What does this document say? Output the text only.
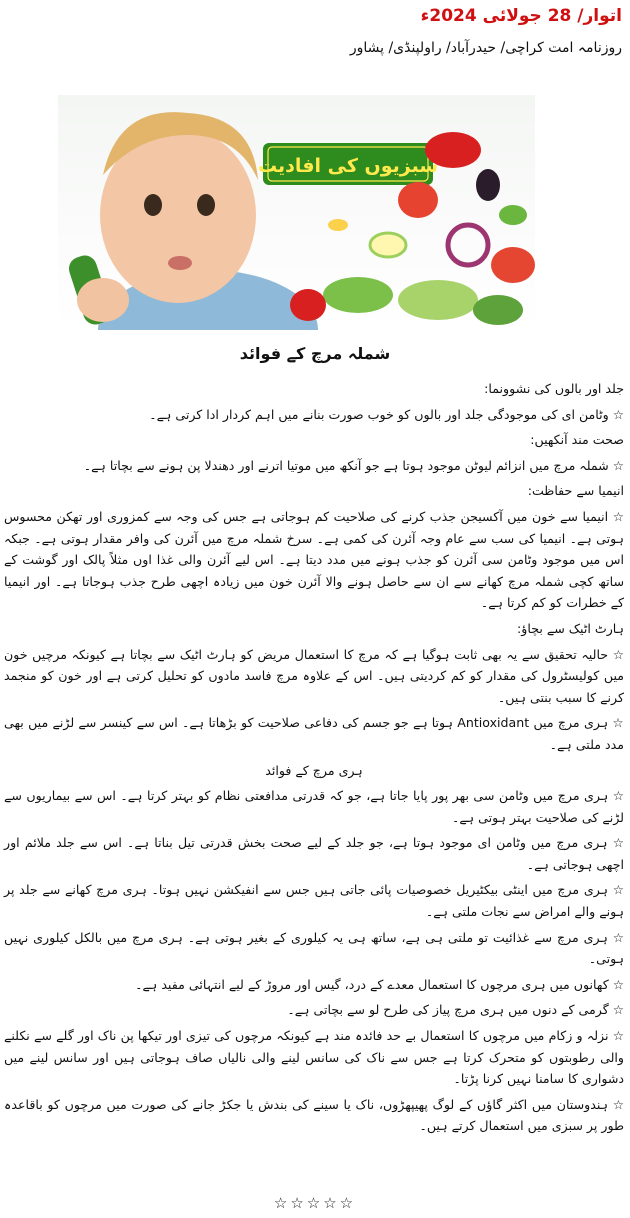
اتوار/ 28 جولائی 2024ء

روزنامہ امت کراچی/ حیدرآباد/ راولپنڈی/ پشاور

سبزیوں کی افادیت
شملہ مرچ کے فوائد

جلد اور بالوں کی نشوونما:

☆ وٹامن ای کی موجودگی جلد اور بالوں کو خوب صورت بنانے میں اہم کردار ادا کرتی ہے۔

صحت مند آنکھیں:

☆ شملہ مرچ میں انزائم لیوٹن موجود ہوتا ہے جو آنکھ میں موتیا اترنے اور دھندلا پن ہونے سے بچاتا ہے۔

انیمیا سے حفاظت:

☆ انیمیا سے خون میں آکسیجن جذب کرنے کی صلاحیت کم ہوجاتی ہے جس کی وجہ سے کمزوری اور تھکن محسوس ہوتی ہے۔ انیمیا کی سب سے عام وجہ آئرن کی کمی ہے۔ سرخ شملہ مرچ میں آئرن کی وافر مقدار ہوتی ہے۔ جبکہ اس میں موجود وٹامن سی آئرن کو جذب ہونے میں مدد دیتا ہے۔ اس لیے آئرن والی غذا اوں مثلاً پالک اور گوشت کے ساتھ کچی شملہ مرچ کھانے سے ان سے حاصل ہونے والا آئرن خون میں زیادہ اچھی طرح جذب ہوجاتا ہے۔ اور انیمیا کے خطرات کو کم کرتا ہے۔

ہارٹ اٹیک سے بچاؤ:

☆ حالیہ تحقیق سے یہ بھی ثابت ہوگیا ہے کہ مرچ کا استعمال مریض کو ہارٹ اٹیک سے بچاتا ہے کیونکہ مرچیں خون میں کولیسٹرول کی مقدار کو کم کردیتی ہیں۔ اس کے علاوہ مرچ فاسد مادوں کو تحلیل کرتی ہے اور خون کو منجمد کرنے کا سبب بنتی ہیں۔

☆ ہری مرچ میں Antioxidant ہوتا ہے جو جسم کی دفاعی صلاحیت کو بڑھاتا ہے۔ اس سے کینسر سے لڑنے میں بھی مدد ملتی ہے۔

ہری مرچ کے فوائد

☆ ہری مرچ میں وٹامن سی بھر پور پایا جاتا ہے، جو کہ قدرتی مدافعتی نظام کو بہتر کرتا ہے۔ اس سے بیماریوں سے لڑنے کی صلاحیت بہتر ہوتی ہے۔

☆ ہری مرچ میں وٹامن ای موجود ہوتا ہے، جو جلد کے لیے صحت بخش قدرتی تیل بناتا ہے۔ اس سے جلد ملائم اور اچھی ہوجاتی ہے۔

☆ ہری مرچ میں اینٹی بیکٹیریل خصوصیات پائی جاتی ہیں جس سے انفیکشن نہیں ہوتا۔ ہری مرچ کھانے سے جلد پر ہونے والے امراض سے نجات ملتی ہے۔

☆ ہری مرچ سے غذائیت تو ملتی ہی ہے، ساتھ ہی یہ کیلوری کے بغیر ہوتی ہے۔ ہری مرچ میں بالکل کیلوری نہیں ہوتی۔

☆ کھانوں میں ہری مرچوں کا استعمال معدے کے درد، گیس اور مروڑ کے لیے انتہائی مفید ہے۔

☆ گرمی کے دنوں میں ہری مرچ پیاز کی طرح لو سے بچاتی ہے۔

☆ نزلہ و زکام میں مرچوں کا استعمال بے حد فائدہ مند ہے کیونکہ مرچوں کی تیزی اور تیکھا پن ناک اور گلے سے نکلنے والی رطوبتوں کو متحرک کرتا ہے جس سے ناک کی سانس لینے والی نالیاں صاف ہوجاتی ہیں اور سانس لینے میں دشواری کا سامنا نہیں کرنا پڑتا۔

☆ ہندوستان میں اکثر گاؤں کے لوگ پھیپھڑوں، ناک یا سینے کی بندش یا جکڑ جانے کی صورت میں مرچوں کو باقاعدہ طور پر سبزی میں استعمال کرتے ہیں۔

☆☆☆☆☆
